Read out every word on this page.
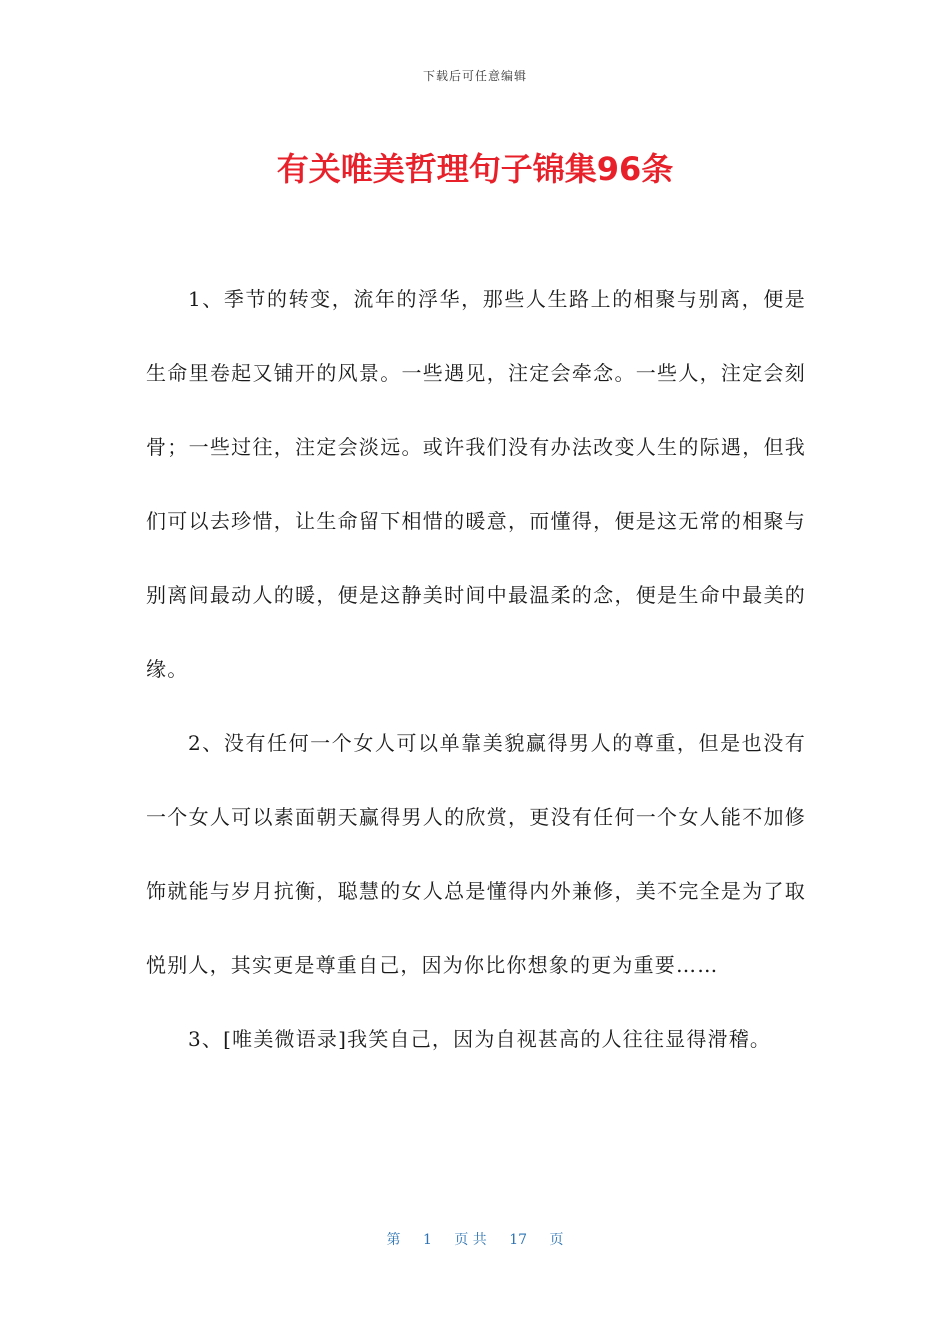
下载后可任意编辑
有关唯美哲理句子锦集96条

1、季节的转变，流年的浮华，那些人生路上的相聚与别离，便是生命里卷起又铺开的风景。一些遇见，注定会牵念。一些人，注定会刻骨；一些过往，注定会淡远。或许我们没有办法改变人生的际遇，但我们可以去珍惜，让生命留下相惜的暖意，而懂得，便是这无常的相聚与别离间最动人的暖，便是这静美时间中最温柔的念，便是生命中最美的缘。

2、没有任何一个女人可以单靠美貌赢得男人的尊重，但是也没有一个女人可以素面朝天赢得男人的欣赏，更没有任何一个女人能不加修饰就能与岁月抗衡，聪慧的女人总是懂得内外兼修，美不完全是为了取悦别人，其实更是尊重自己，因为你比你想象的更为重要……

3、[唯美微语录]我笑自己，因为自视甚高的人往往显得滑稽。

第 1 页 共 17 页
